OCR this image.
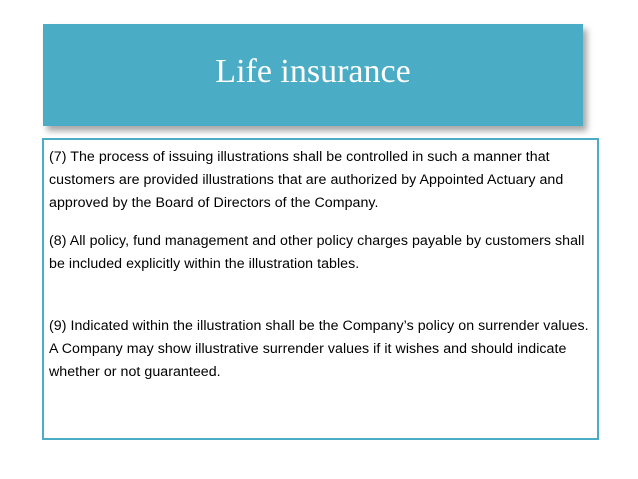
Life insurance

(7) The process of issuing illustrations shall be controlled in such a manner that customers are provided illustrations that are authorized by Appointed Actuary and approved by the Board of Directors of the Company.

(8) All policy, fund management and other policy charges payable by customers shall be included explicitly within the illustration tables.

(9) Indicated within the illustration shall be the Company’s policy on surrender values. A Company may show illustrative surrender values if it wishes and should indicate whether or not guaranteed.
